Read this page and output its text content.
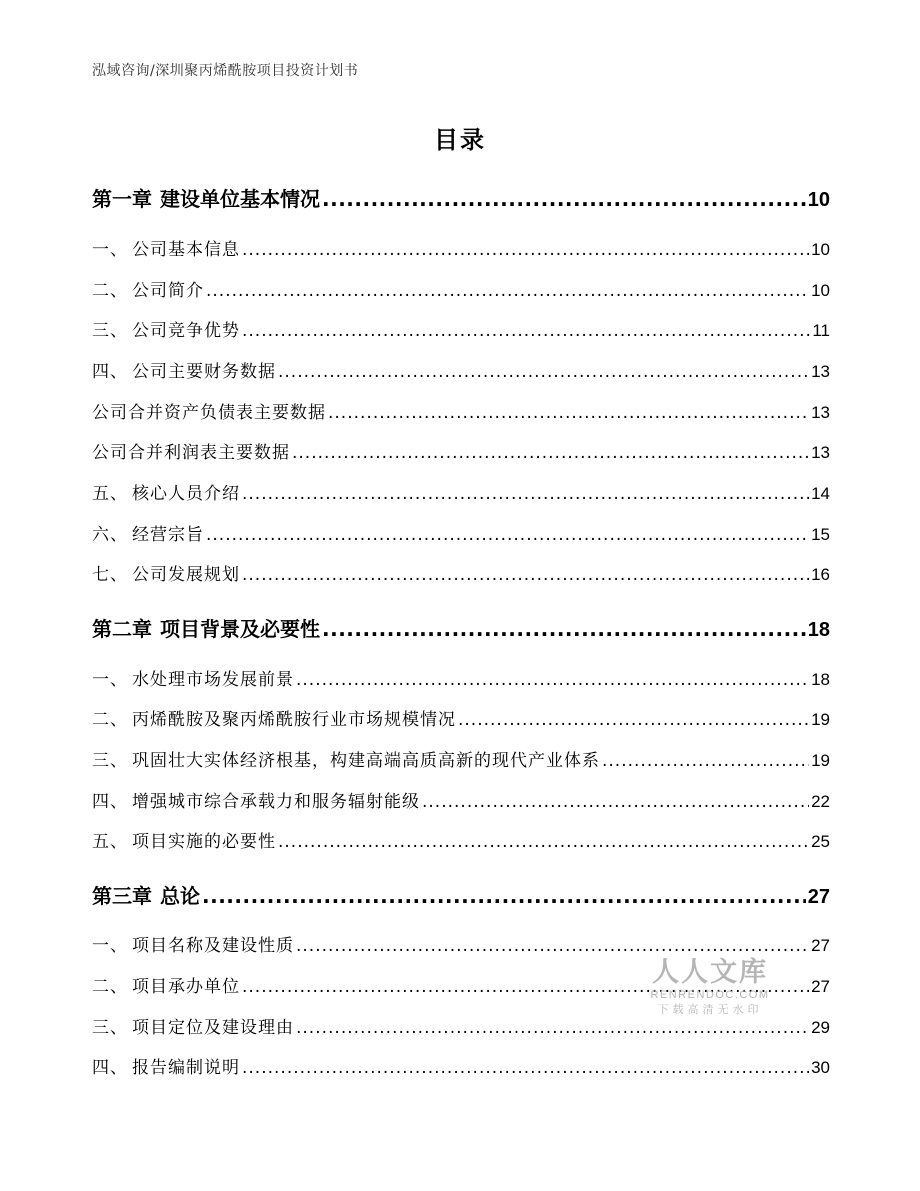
泓域咨询/深圳聚丙烯酰胺项目投资计划书
目录
第一章 建设单位基本情况 .....	10
一、 公司基本信息 .....	10
二、 公司简介 .....	10
三、 公司竞争优势 .....	11
四、 公司主要财务数据 .....	13
公司合并资产负债表主要数据 .....	13
公司合并利润表主要数据 .....	13
五、 核心人员介绍 .....	14
六、 经营宗旨 .....	15
七、 公司发展规划 .....	16
第二章 项目背景及必要性 .....	18
一、 水处理市场发展前景 .....	18
二、 丙烯酰胺及聚丙烯酰胺行业市场规模情况 .....	19
三、 巩固壮大实体经济根基，构建高端高质高新的现代产业体系 .....	19
四、 增强城市综合承载力和服务辐射能级 .....	22
五、 项目实施的必要性 .....	25
第三章 总论 .....	27
一、 项目名称及建设性质 .....	27
二、 项目承办单位 .....	27
三、 项目定位及建设理由 .....	29
四、 报告编制说明 .....	30
人人文库
RENRENDOC.COM
下载高清无水印
